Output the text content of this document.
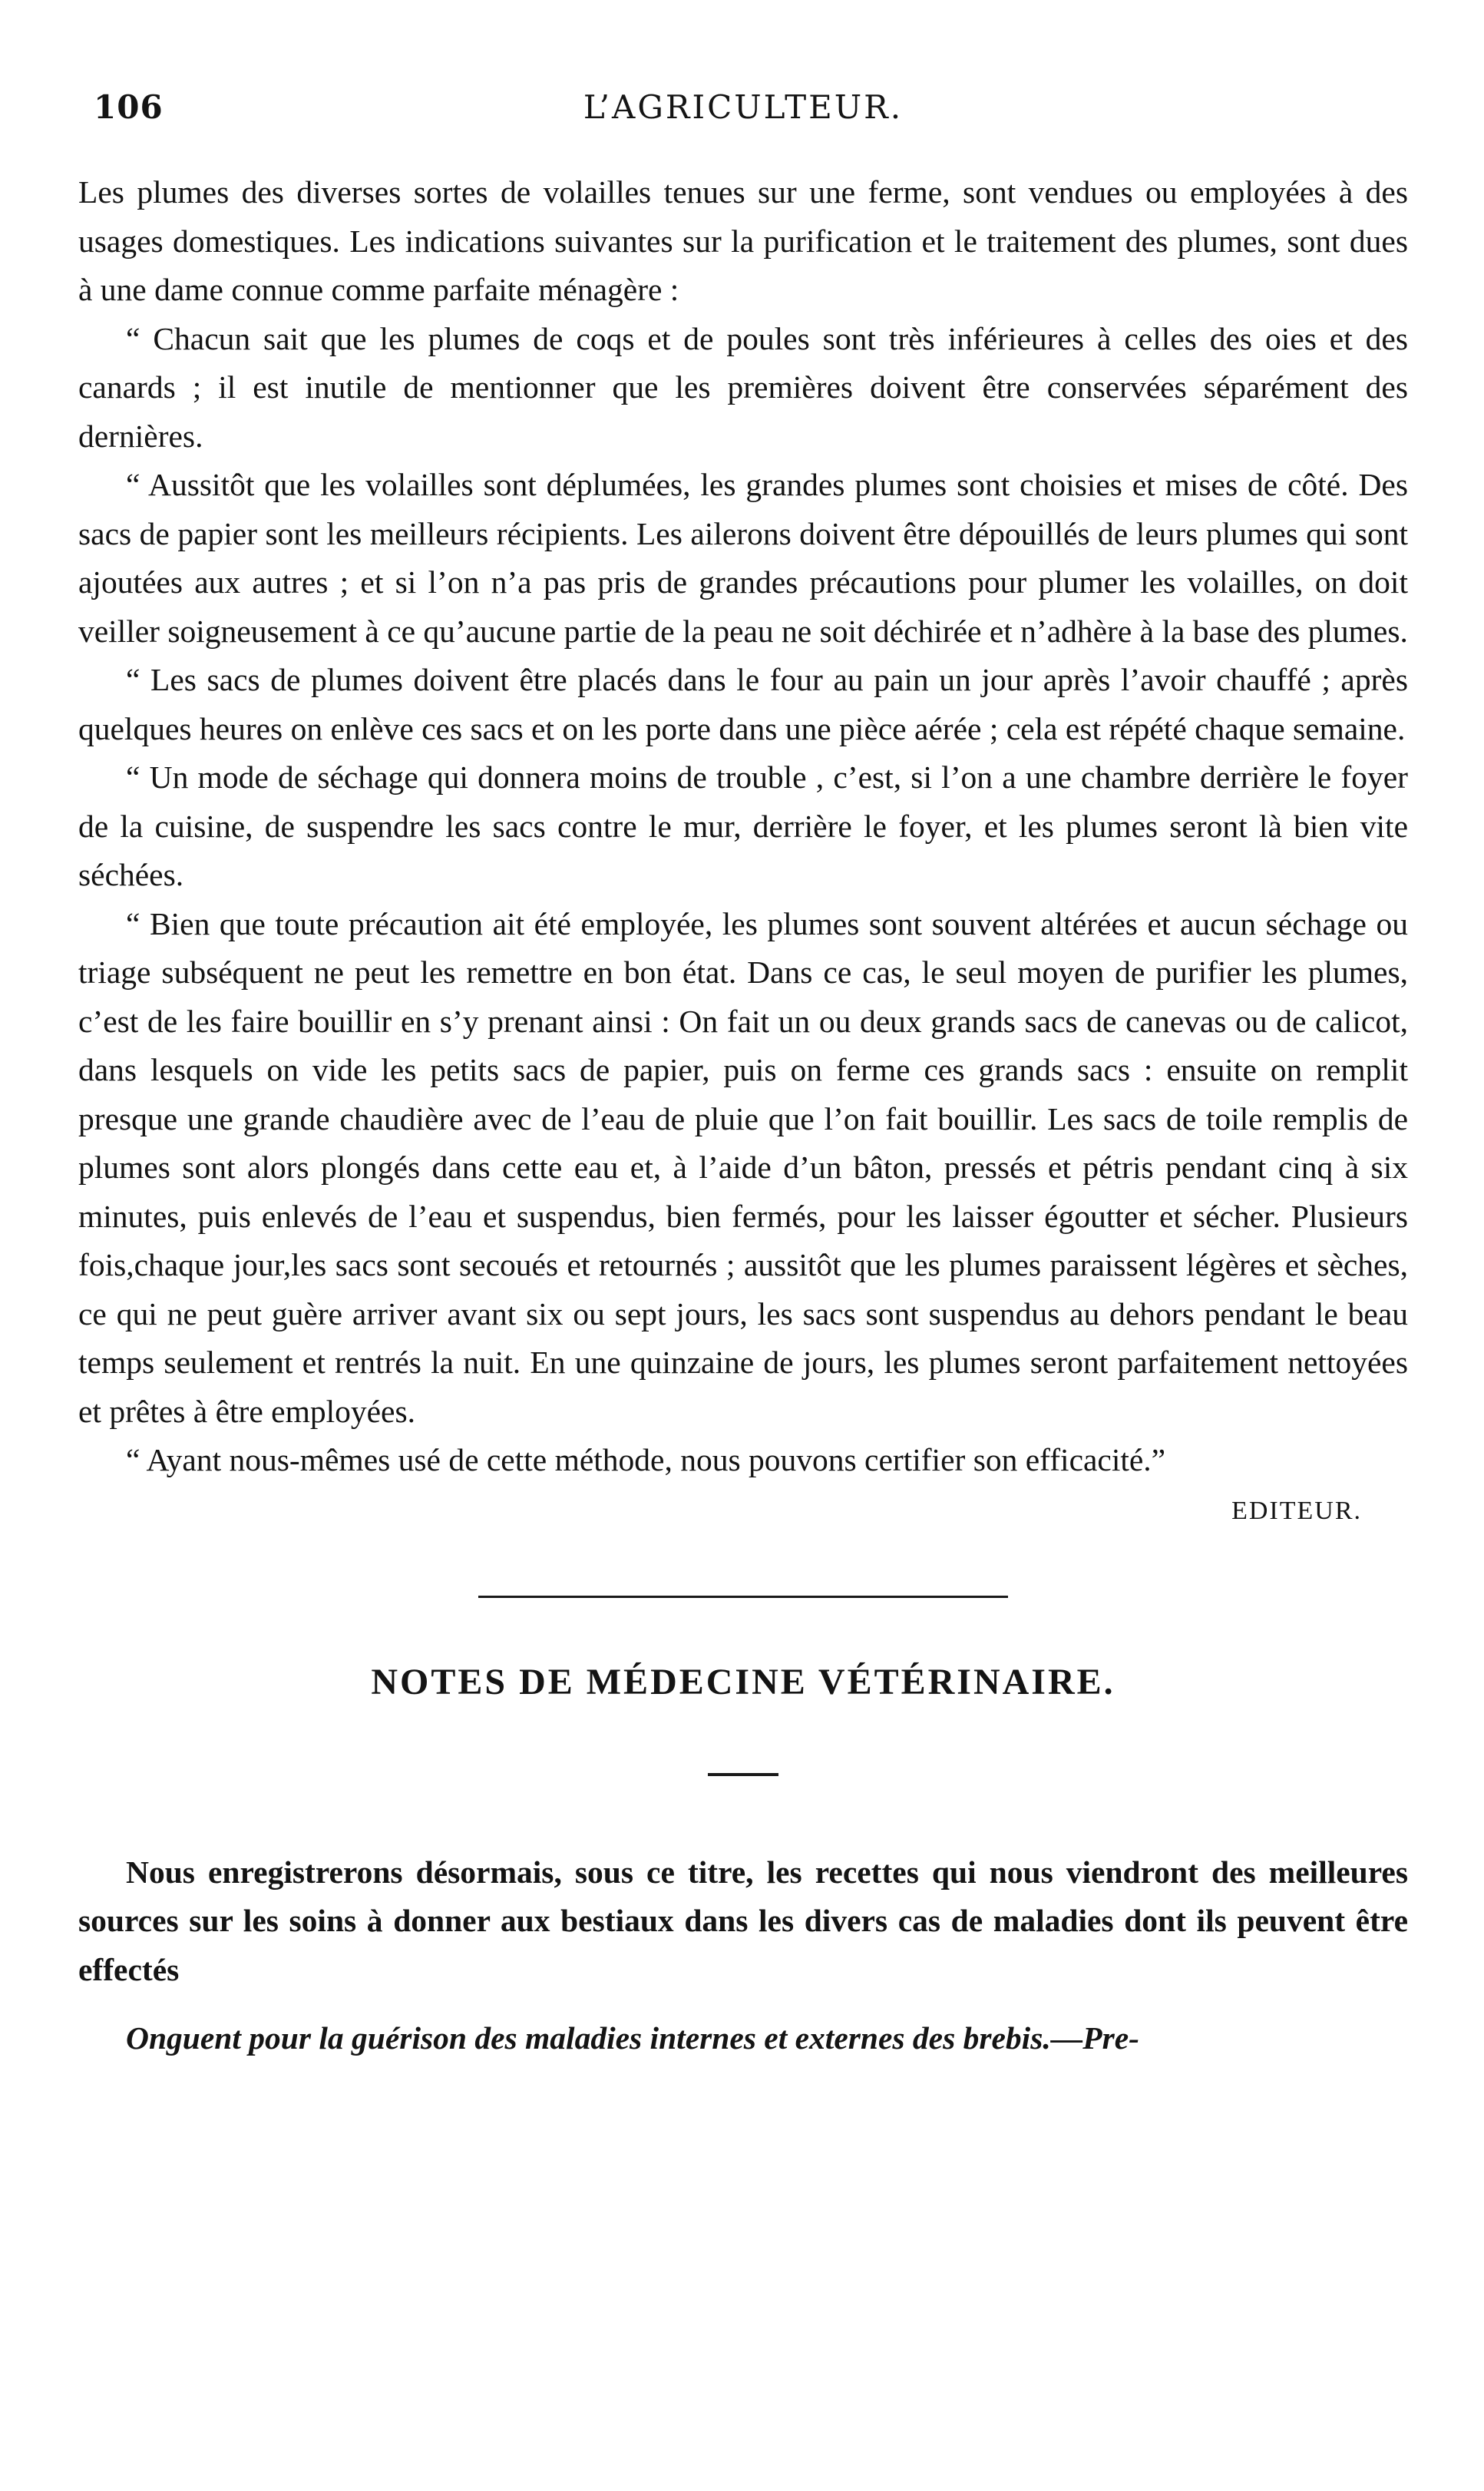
106	L’AGRICULTEUR.

Les plumes des diverses sortes de volailles tenues sur une ferme, sont vendues ou employées à des usages domestiques. Les indications suivantes sur la purification et le traitement des plumes, sont dues à une dame connue comme parfaite ménagère :

“ Chacun sait que les plumes de coqs et de poules sont très inférieures à celles des oies et des canards ; il est inutile de mentionner que les premières doivent être conservées séparément des dernières.

“ Aussitôt que les volailles sont déplumées, les grandes plumes sont choisies et mises de côté. Des sacs de papier sont les meilleurs récipients. Les ailerons doivent être dépouillés de leurs plumes qui sont ajoutées aux autres ; et si l’on n’a pas pris de grandes précautions pour plumer les volailles, on doit veiller soigneusement à ce qu’aucune partie de la peau ne soit déchirée et n’adhère à la base des plumes.

“ Les sacs de plumes doivent être placés dans le four au pain un jour après l’avoir chauffé ; après quelques heures on enlève ces sacs et on les porte dans une pièce aérée ; cela est répété chaque semaine.

“ Un mode de séchage qui donnera moins de trouble , c’est, si l’on a une chambre derrière le foyer de la cuisine, de suspendre les sacs contre le mur, derrière le foyer, et les plumes seront là bien vite séchées.

“ Bien que toute précaution ait été employée, les plumes sont souvent altérées et aucun séchage ou triage subséquent ne peut les remettre en bon état. Dans ce cas, le seul moyen de purifier les plumes, c’est de les faire bouillir en s’y prenant ainsi : On fait un ou deux grands sacs de canevas ou de calicot, dans lesquels on vide les petits sacs de papier, puis on ferme ces grands sacs : ensuite on remplit presque une grande chaudière avec de l’eau de pluie que l’on fait bouillir. Les sacs de toile remplis de plumes sont alors plongés dans cette eau et, à l’aide d’un bâton, pressés et pétris pendant cinq à six minutes, puis enlevés de l’eau et suspendus, bien fermés, pour les laisser égoutter et sécher. Plusieurs fois,chaque jour,les sacs sont secoués et retournés ; aussitôt que les plumes paraissent légères et sèches, ce qui ne peut guère arriver avant six ou sept jours, les sacs sont suspendus au dehors pendant le beau temps seulement et rentrés la nuit. En une quinzaine de jours, les plumes seront parfaitement nettoyées et prêtes à être employées.

“ Ayant nous-mêmes usé de cette méthode, nous pouvons certifier son efficacité.”

EDITEUR.
NOTES DE MÉDECINE VÉTÉRINAIRE.

Nous enregistrerons désormais, sous ce titre, les recettes qui nous viendront des meilleures sources sur les soins à donner aux bestiaux dans les divers cas de maladies dont ils peuvent être effectés

Onguent pour la guérison des maladies internes et externes des brebis.—Pre-
